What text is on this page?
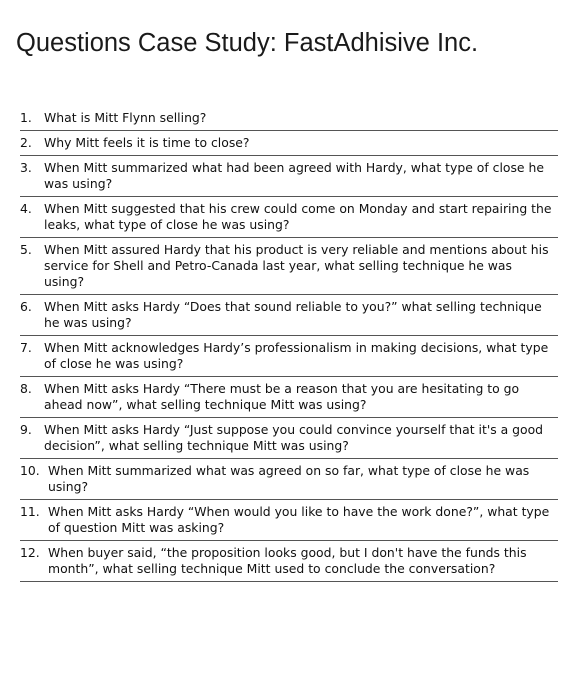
Questions Case Study: FastAdhisive Inc.
1. What is Mitt Flynn selling?
2. Why Mitt feels it is time to close?
3. When Mitt summarized what had been agreed with Hardy, what type of close he was using?
4. When Mitt suggested that his crew could come on Monday and start repairing the leaks, what type of close he was using?
5. When Mitt assured Hardy that his product is very reliable and mentions about his service for Shell and Petro-Canada last year, what selling technique he was using?
6. When Mitt asks Hardy “Does that sound reliable to you?” what selling technique he was using?
7. When Mitt acknowledges Hardy’s professionalism in making decisions, what type of close he was using?
8. When Mitt asks Hardy “There must be a reason that you are hesitating to go ahead now”, what selling technique Mitt was using?
9. When Mitt asks Hardy “Just suppose you could convince yourself that it's a good decision”, what selling technique Mitt was using?
10. When Mitt summarized what was agreed on so far, what type of close he was using?
11. When Mitt asks Hardy “When would you like to have the work done?”, what type of question Mitt was asking?
12. When buyer said, “the proposition looks good, but I don't have the funds this month”, what selling technique Mitt used to conclude the conversation?
